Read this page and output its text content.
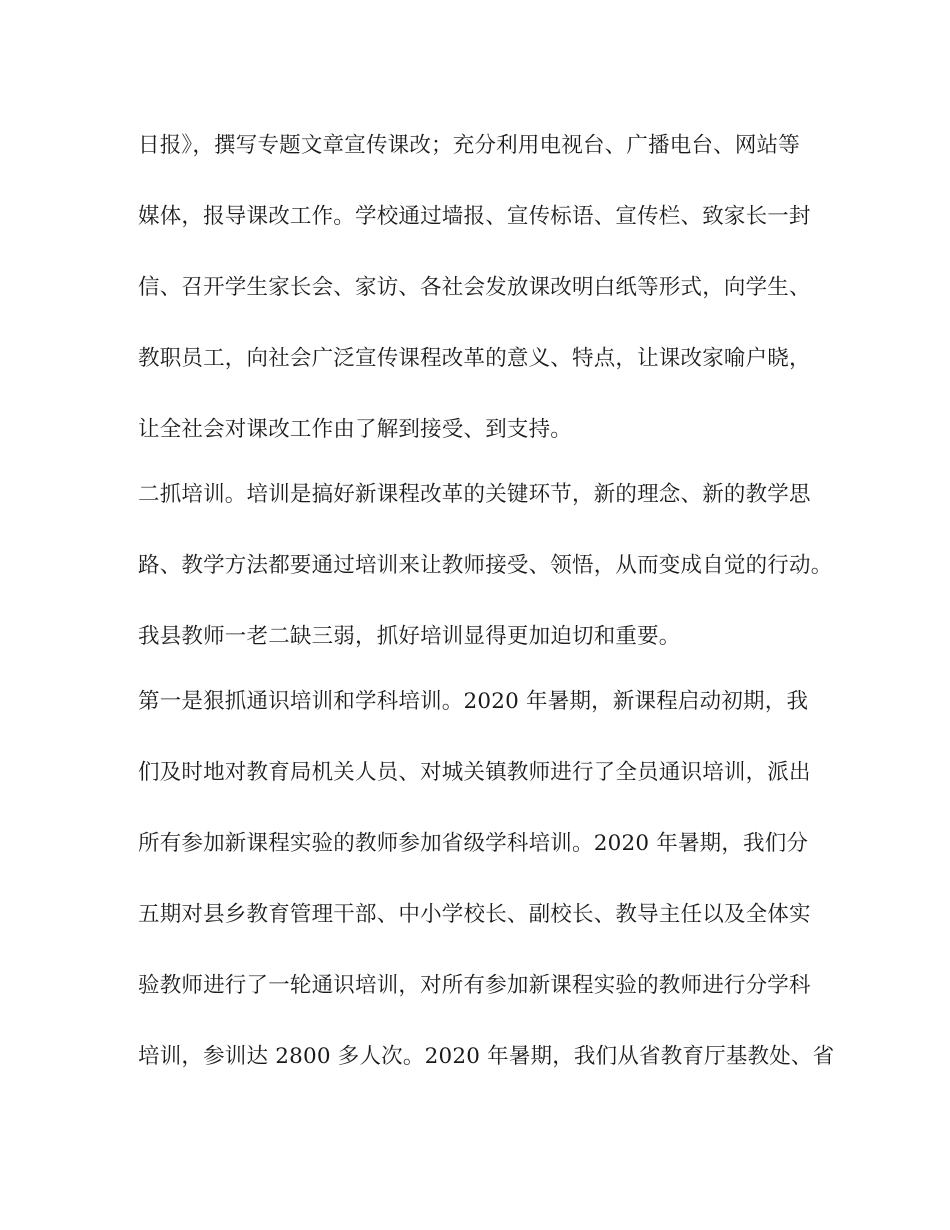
日报》，撰写专题文章宣传课改；充分利用电视台、广播电台、网站等
媒体，报导课改工作。学校通过墙报、宣传标语、宣传栏、致家长一封
信、召开学生家长会、家访、各社会发放课改明白纸等形式，向学生、
教职员工，向社会广泛宣传课程改革的意义、特点，让课改家喻户晓，
让全社会对课改工作由了解到接受、到支持。
二抓培训。培训是搞好新课程改革的关键环节，新的理念、新的教学思
路、教学方法都要通过培训来让教师接受、领悟，从而变成自觉的行动。
我县教师一老二缺三弱，抓好培训显得更加迫切和重要。
第一是狠抓通识培训和学科培训。2020 年暑期，新课程启动初期，我
们及时地对教育局机关人员、对城关镇教师进行了全员通识培训，派出
所有参加新课程实验的教师参加省级学科培训。2020 年暑期，我们分
五期对县乡教育管理干部、中小学校长、副校长、教导主任以及全体实
验教师进行了一轮通识培训，对所有参加新课程实验的教师进行分学科
培训，参训达 2800 多人次。2020 年暑期，我们从省教育厅基教处、省
